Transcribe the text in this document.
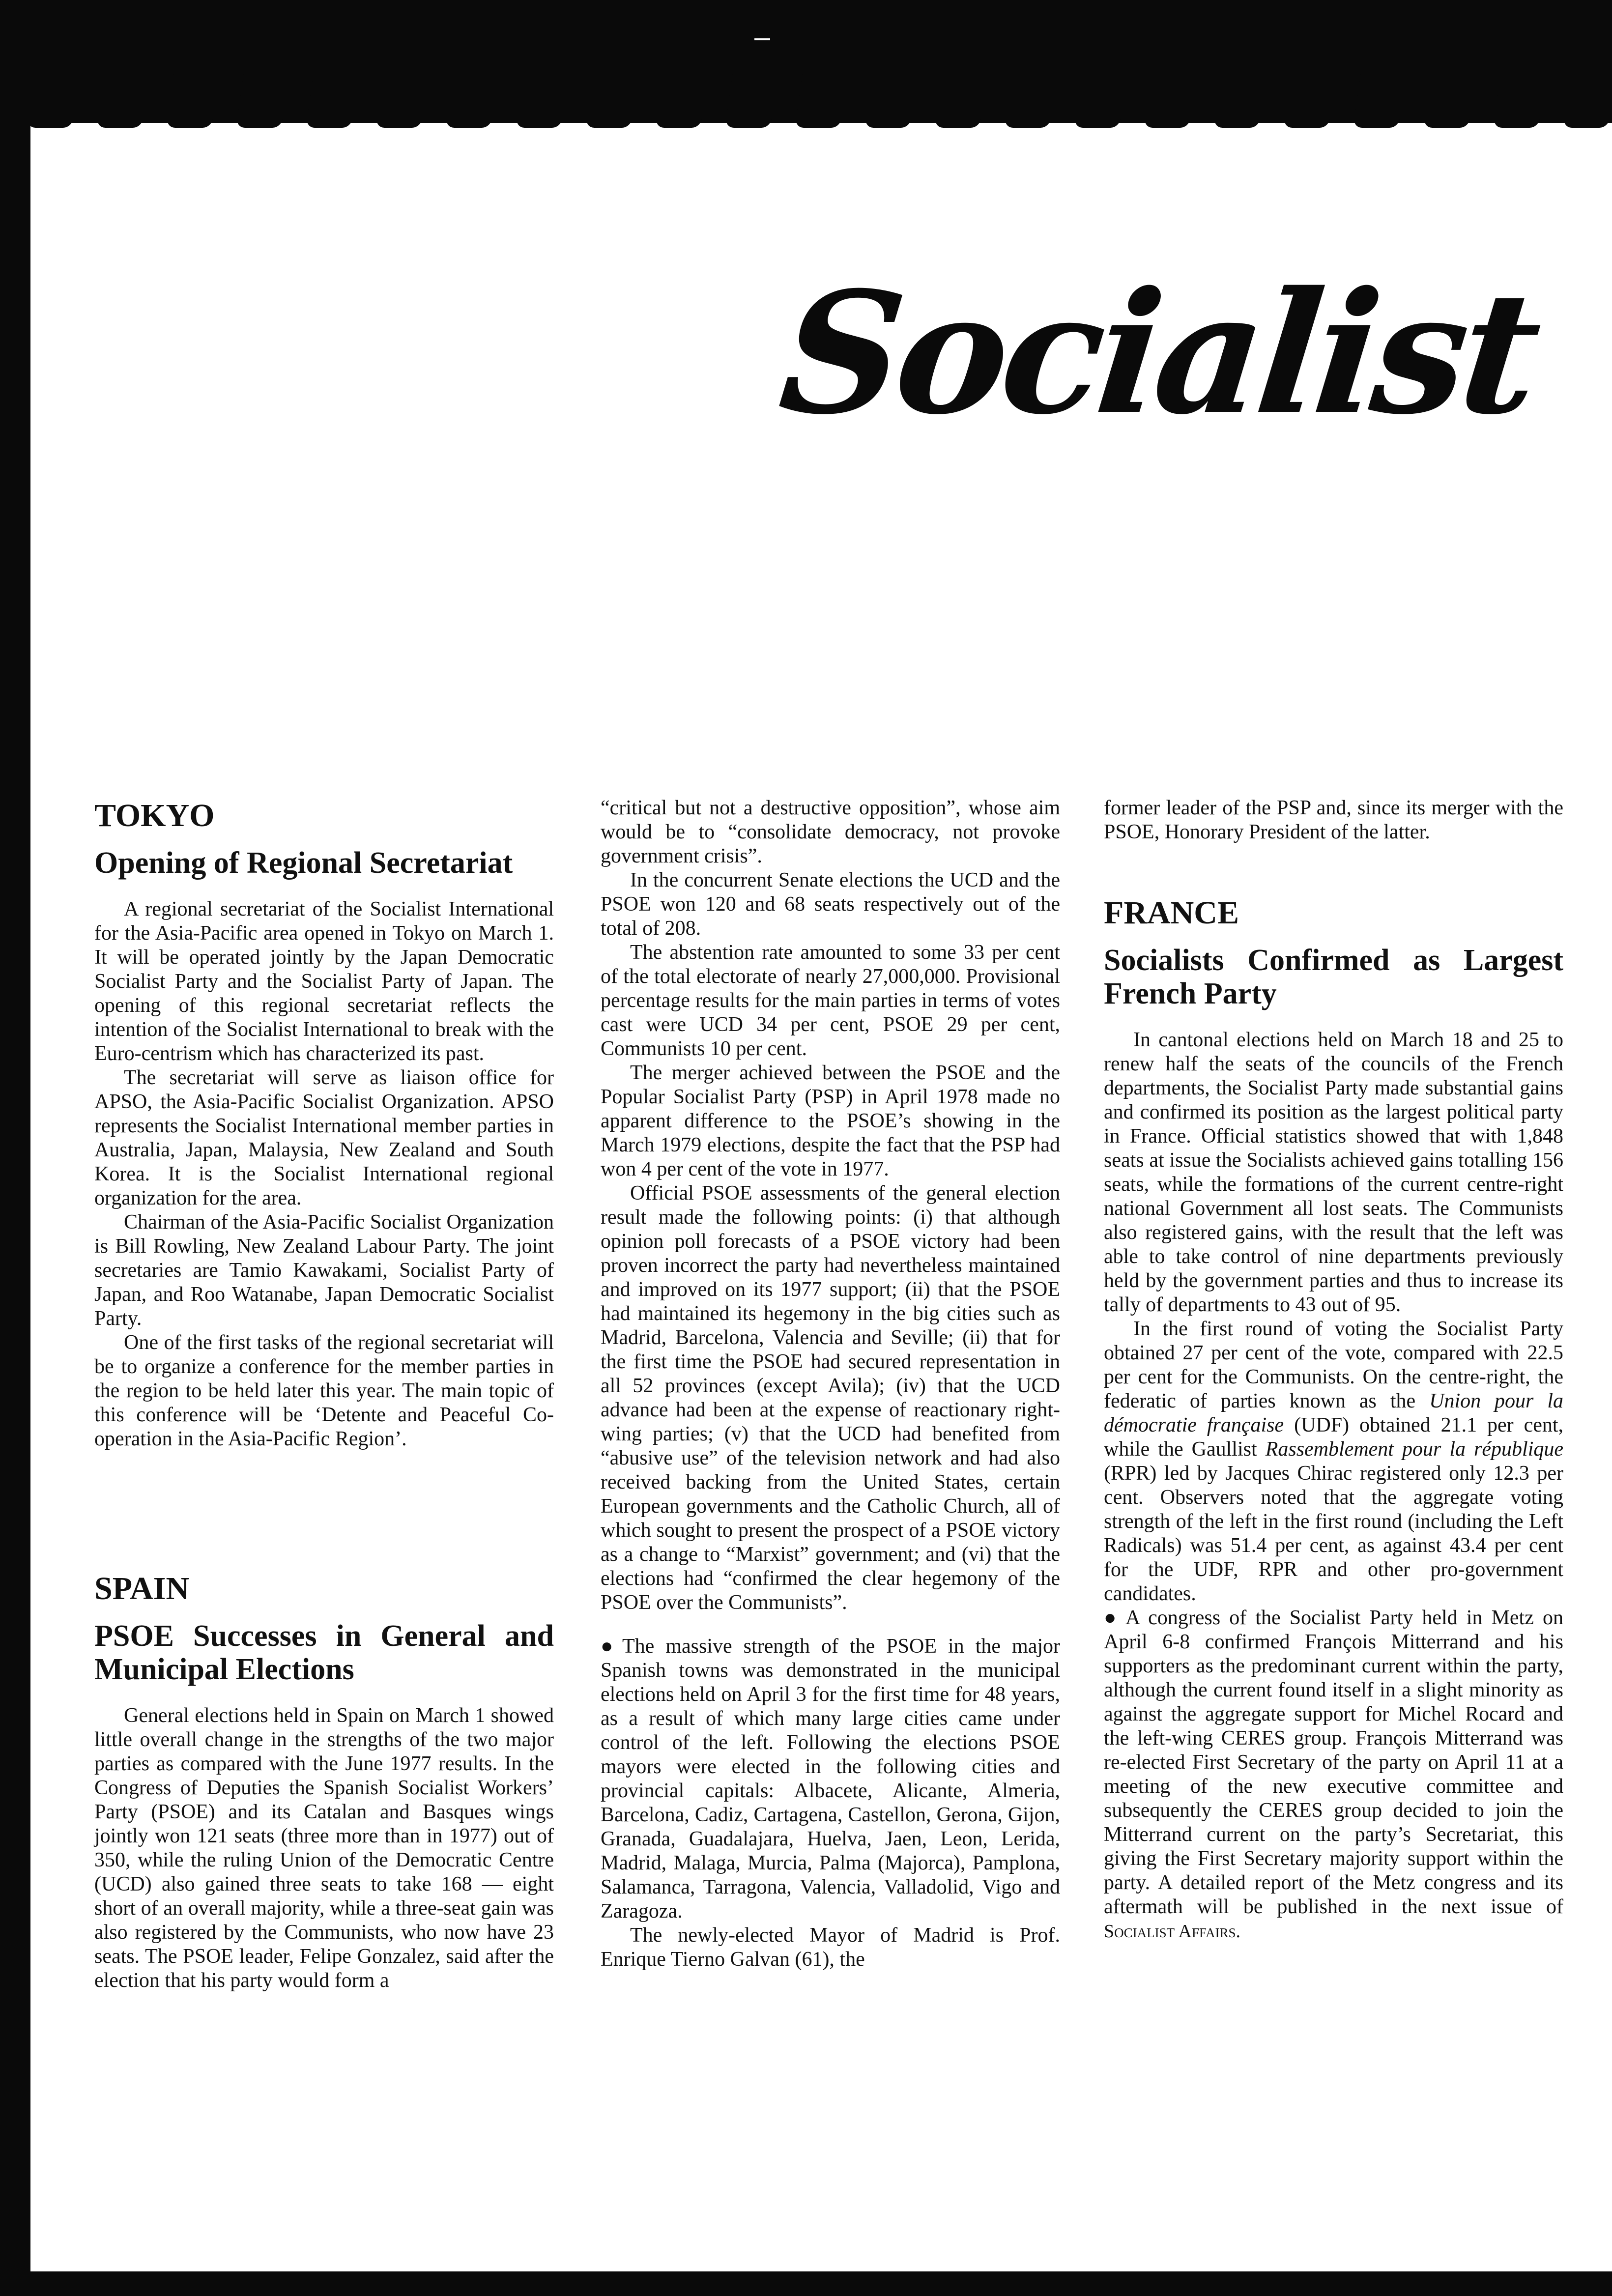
Socialist
TOKYO
Opening of Regional Secretariat

A regional secretariat of the Socialist International for the Asia-Pacific area opened in Tokyo on March 1. It will be operated jointly by the Japan Democratic Socialist Party and the Socialist Party of Japan. The opening of this regional secretariat reflects the intention of the Socialist International to break with the Euro-centrism which has characterized its past.

The secretariat will serve as liaison office for APSO, the Asia-Pacific Socialist Organization. APSO represents the Socialist International member parties in Australia, Japan, Malaysia, New Zealand and South Korea. It is the Socialist International regional organization for the area.

Chairman of the Asia-Pacific Socialist Organization is Bill Rowling, New Zealand Labour Party. The joint secretaries are Tamio Kawakami, Socialist Party of Japan, and Roo Watanabe, Japan Democratic Socialist Party.

One of the first tasks of the regional secretariat will be to organize a conference for the member parties in the region to be held later this year. The main topic of this conference will be ‘Detente and Peaceful Co-operation in the Asia-Pacific Region’.

SPAIN
PSOE Successes in General and Municipal Elections

General elections held in Spain on March 1 showed little overall change in the strengths of the two major parties as compared with the June 1977 results. In the Congress of Deputies the Spanish Socialist Workers’ Party (PSOE) and its Catalan and Basques wings jointly won 121 seats (three more than in 1977) out of 350, while the ruling Union of the Democratic Centre (UCD) also gained three seats to take 168 — eight short of an overall majority, while a three-seat gain was also registered by the Communists, who now have 23 seats. The PSOE leader, Felipe Gonzalez, said after the election that his party would form a

“critical but not a destructive opposition”, whose aim would be to “consolidate democracy, not provoke government crisis”.

In the concurrent Senate elections the UCD and the PSOE won 120 and 68 seats respectively out of the total of 208.

The abstention rate amounted to some 33 per cent of the total electorate of nearly 27,000,000. Provisional percentage results for the main parties in terms of votes cast were UCD 34 per cent, PSOE 29 per cent, Communists 10 per cent.

The merger achieved between the PSOE and the Popular Socialist Party (PSP) in April 1978 made no apparent difference to the PSOE’s showing in the March 1979 elections, despite the fact that the PSP had won 4 per cent of the vote in 1977.

Official PSOE assessments of the general election result made the following points: (i) that although opinion poll forecasts of a PSOE victory had been proven incorrect the party had nevertheless maintained and improved on its 1977 support; (ii) that the PSOE had maintained its hegemony in the big cities such as Madrid, Barcelona, Valencia and Seville; (ii) that for the first time the PSOE had secured representation in all 52 provinces (except Avila); (iv) that the UCD advance had been at the expense of reactionary right-wing parties; (v) that the UCD had benefited from “abusive use” of the television network and had also received backing from the United States, certain European governments and the Catholic Church, all of which sought to present the prospect of a PSOE victory as a change to “Marxist” government; and (vi) that the elections had “confirmed the clear hegemony of the PSOE over the Communists”.

● The massive strength of the PSOE in the major Spanish towns was demonstrated in the municipal elections held on April 3 for the first time for 48 years, as a result of which many large cities came under control of the left. Following the elections PSOE mayors were elected in the following cities and provincial capitals: Albacete, Alicante, Almeria, Barcelona, Cadiz, Cartagena, Castellon, Gerona, Gijon, Granada, Guadalajara, Huelva, Jaen, Leon, Lerida, Madrid, Malaga, Murcia, Palma (Majorca), Pamplona, Salamanca, Tarragona, Valencia, Valladolid, Vigo and Zaragoza.

The newly-elected Mayor of Madrid is Prof. Enrique Tierno Galvan (61), the

former leader of the PSP and, since its merger with the PSOE, Honorary President of the latter.

FRANCE
Socialists Confirmed as Largest French Party

In cantonal elections held on March 18 and 25 to renew half the seats of the councils of the French departments, the Socialist Party made substantial gains and confirmed its position as the largest political party in France. Official statistics showed that with 1,848 seats at issue the Socialists achieved gains totalling 156 seats, while the formations of the current centre-right national Government all lost seats. The Communists also registered gains, with the result that the left was able to take control of nine departments previously held by the government parties and thus to increase its tally of departments to 43 out of 95.

In the first round of voting the Socialist Party obtained 27 per cent of the vote, compared with 22.5 per cent for the Communists. On the centre-right, the federatic of parties known as the Union pour la démocratie française (UDF) obtained 21.1 per cent, while the Gaullist Rassemblement pour la république (RPR) led by Jacques Chirac registered only 12.3 per cent. Observers noted that the aggregate voting strength of the left in the first round (including the Left Radicals) was 51.4 per cent, as against 43.4 per cent for the UDF, RPR and other pro-government candidates.

● A congress of the Socialist Party held in Metz on April 6-8 confirmed François Mitterrand and his supporters as the predominant current within the party, although the current found itself in a slight minority as against the aggregate support for Michel Rocard and the left-wing CERES group. François Mitterrand was re-elected First Secretary of the party on April 11 at a meeting of the new executive committee and subsequently the CERES group decided to join the Mitterrand current on the party’s Secretariat, this giving the First Secretary majority support within the party. A detailed report of the Metz congress and its aftermath will be published in the next issue of Socialist Affairs.
